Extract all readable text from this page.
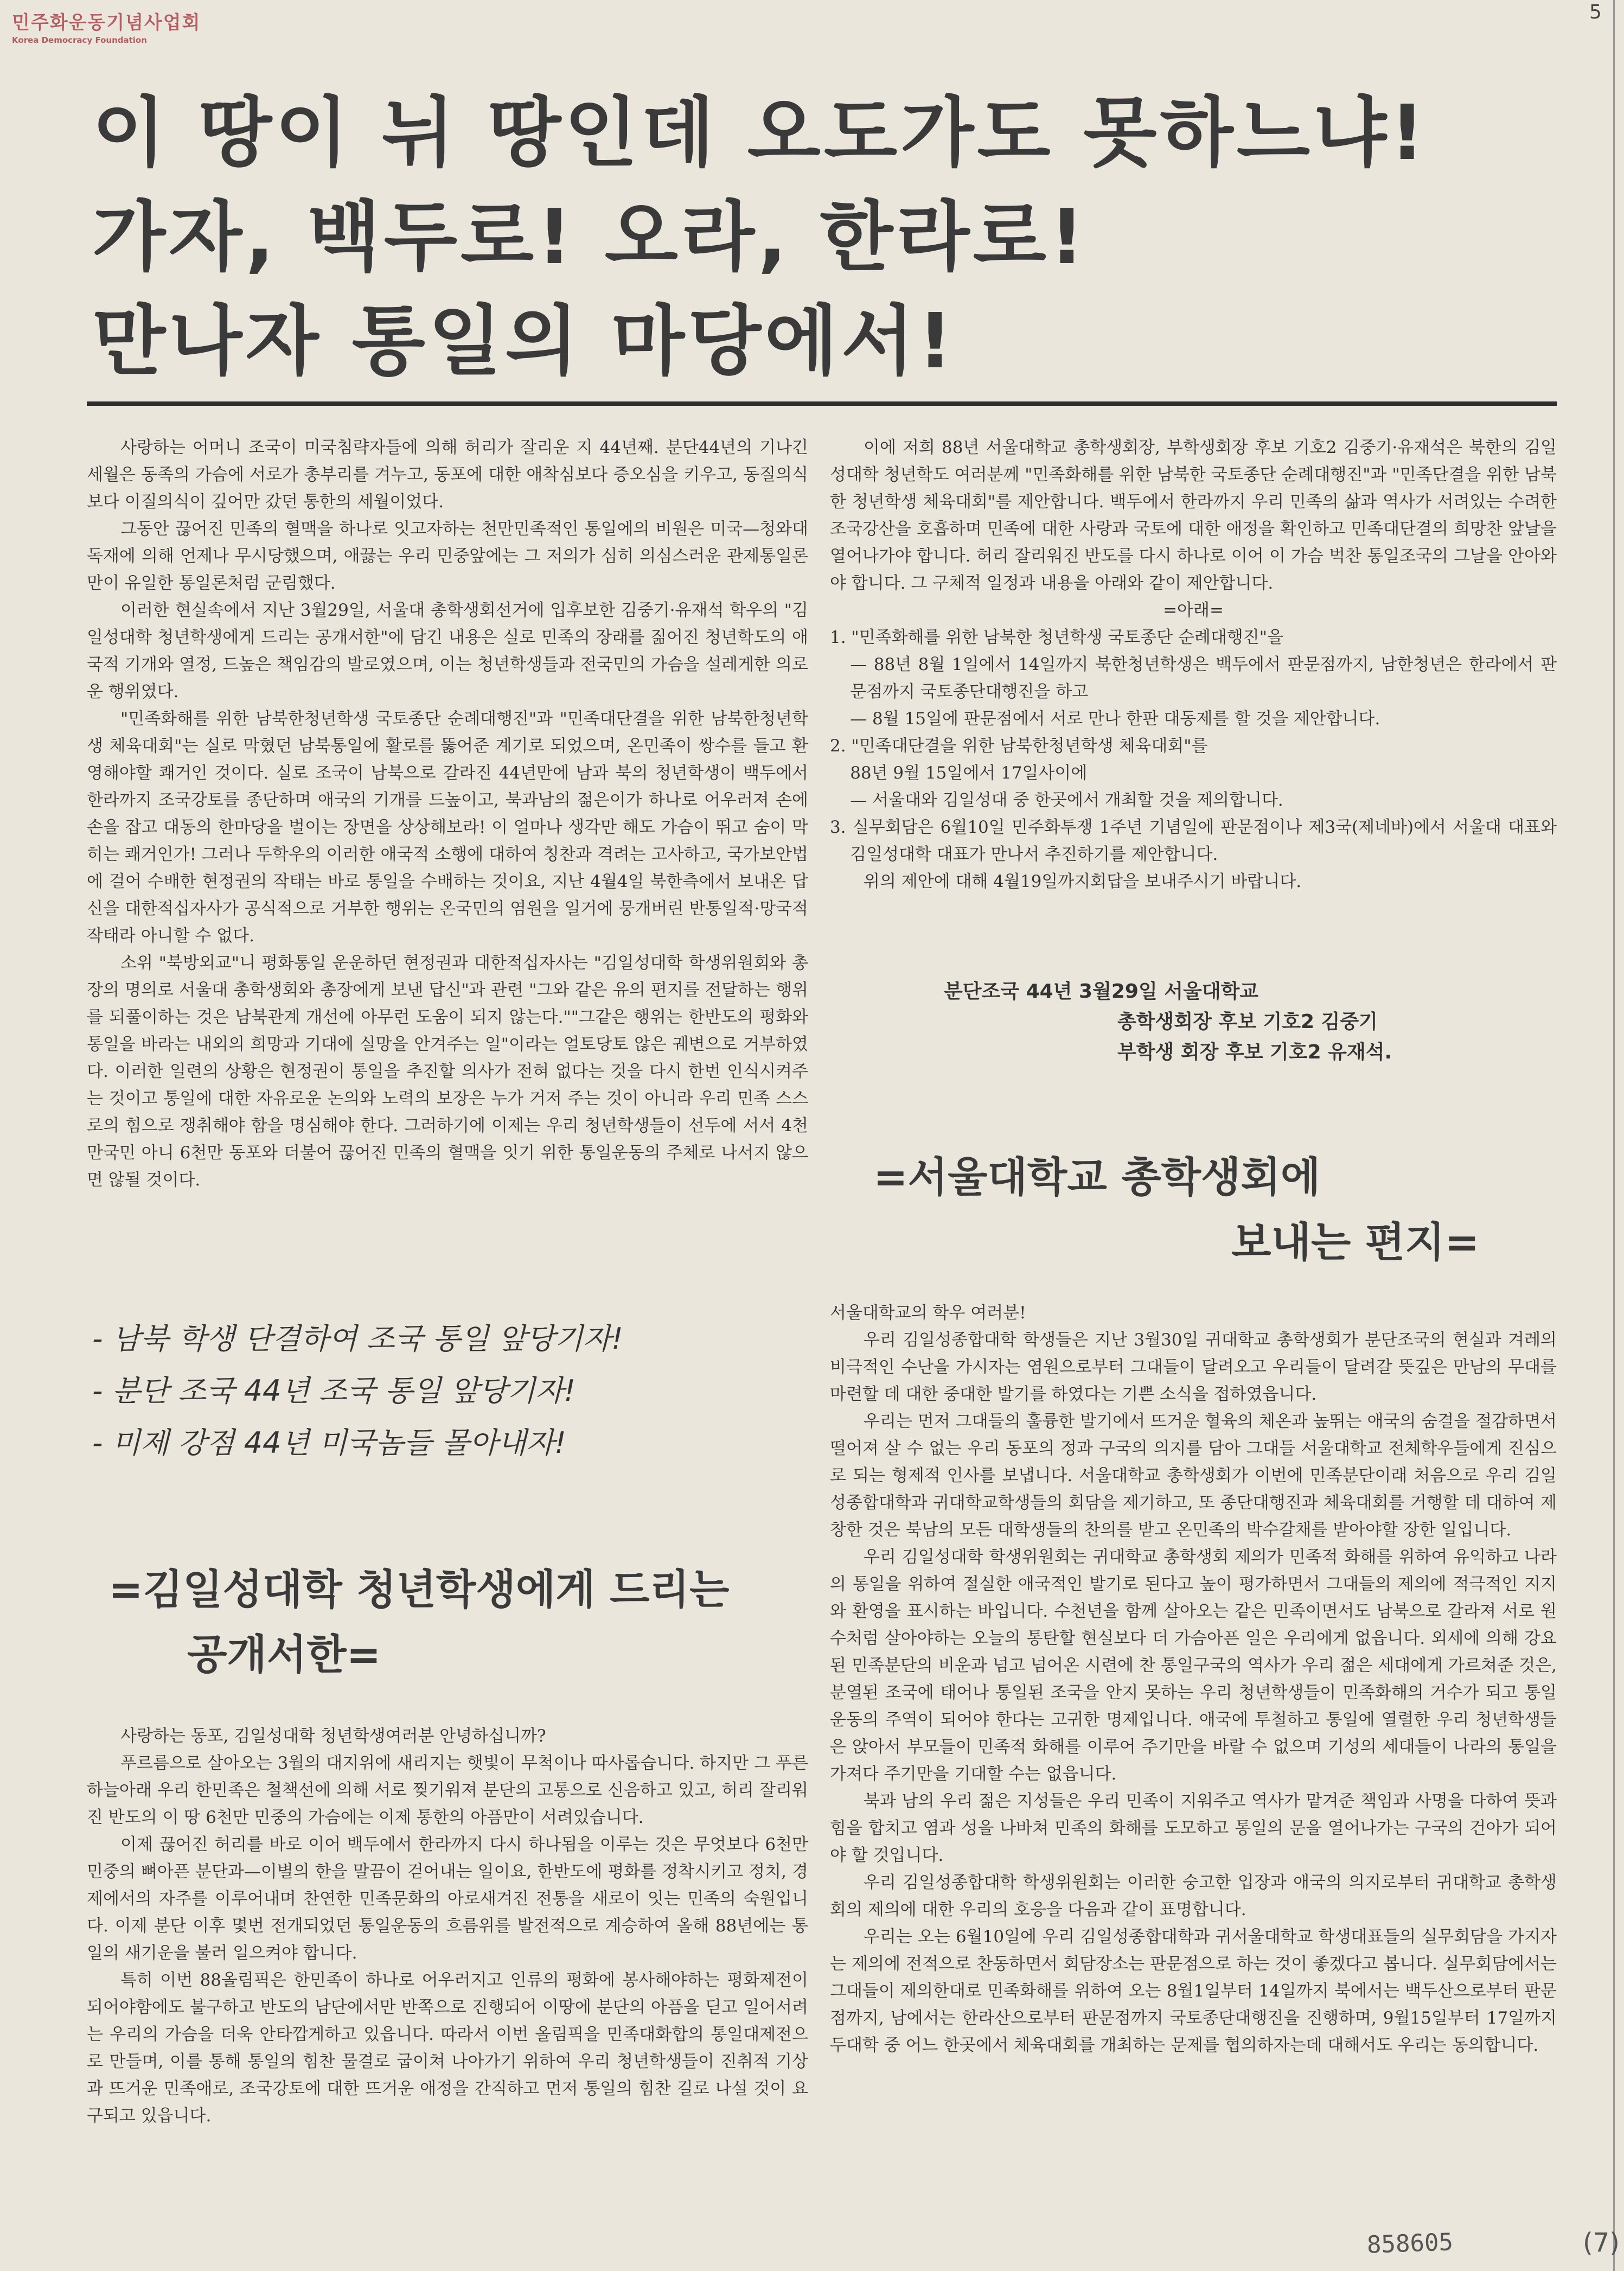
민주화운동기념사업회
Korea Democracy Foundation
5
이 땅이 뉘 땅인데 오도가도 못하느냐!
가자, 백두로! 오라, 한라로!
만나자 통일의 마당에서!

사랑하는 어머니 조국이 미국침략자들에 의해 허리가 잘리운 지 44년째. 분단44년의 기나긴 세월은 동족의 가슴에 서로가 총부리를 겨누고, 동포에 대한 애착심보다 증오심을 키우고, 동질의식보다 이질의식이 깊어만 갔던 통한의 세월이었다.

그동안 끊어진 민족의 혈맥을 하나로 잇고자하는 천만민족적인 통일에의 비원은 미국—청와대독재에 의해 언제나 무시당했으며, 애끓는 우리 민중앞에는 그 저의가 심히 의심스러운 관제통일론만이 유일한 통일론처럼 군림했다.

이러한 현실속에서 지난 3월29일, 서울대 총학생회선거에 입후보한 김중기·유재석 학우의 "김일성대학 청년학생에게 드리는 공개서한"에 담긴 내용은 실로 민족의 장래를 짊어진 청년학도의 애국적 기개와 열정, 드높은 책임감의 발로였으며, 이는 청년학생들과 전국민의 가슴을 설레게한 의로운 행위였다.

"민족화해를 위한 남북한청년학생 국토종단 순례대행진"과 "민족대단결을 위한 남북한청년학생 체육대회"는 실로 막혔던 남북통일에 활로를 뚫어준 계기로 되었으며, 온민족이 쌍수를 들고 환영해야할 쾌거인 것이다. 실로 조국이 남북으로 갈라진 44년만에 남과 북의 청년학생이 백두에서 한라까지 조국강토를 종단하며 애국의 기개를 드높이고, 북과남의 젊은이가 하나로 어우러져 손에 손을 잡고 대동의 한마당을 벌이는 장면을 상상해보라! 이 얼마나 생각만 해도 가슴이 뛰고 숨이 막히는 쾌거인가! 그러나 두학우의 이러한 애국적 소행에 대하여 칭찬과 격려는 고사하고, 국가보안법에 걸어 수배한 현정권의 작태는 바로 통일을 수배하는 것이요, 지난 4월4일 북한측에서 보내온 답신을 대한적십자사가 공식적으로 거부한 행위는 온국민의 염원을 일거에 뭉개버린 반통일적·망국적작태라 아니할 수 없다.

소위 "북방외교"니 평화통일 운운하던 현정권과 대한적십자사는 "김일성대학 학생위원회와 총장의 명의로 서울대 총학생회와 총장에게 보낸 답신"과 관련 "그와 같은 유의 편지를 전달하는 행위를 되풀이하는 것은 남북관계 개선에 아무런 도움이 되지 않는다.""그같은 행위는 한반도의 평화와 통일을 바라는 내외의 희망과 기대에 실망을 안겨주는 일"이라는 얼토당토 않은 궤변으로 거부하였다. 이러한 일련의 상황은 현정권이 통일을 추진할 의사가 전혀 없다는 것을 다시 한번 인식시켜주는 것이고 통일에 대한 자유로운 논의와 노력의 보장은 누가 거저 주는 것이 아니라 우리 민족 스스로의 힘으로 쟁취해야 함을 명심해야 한다. 그러하기에 이제는 우리 청년학생들이 선두에 서서 4천만국민 아니 6천만 동포와 더불어 끊어진 민족의 혈맥을 잇기 위한 통일운동의 주체로 나서지 않으면 않될 것이다.

- 남북 학생 단결하여 조국 통일 앞당기자!
- 분단 조국 44년 조국 통일 앞당기자!
- 미제 강점 44년 미국놈들 몰아내자!
=김일성대학 청년학생에게 드리는
공개서한=

사랑하는 동포, 김일성대학 청년학생여러분 안녕하십니까?

푸르름으로 살아오는 3월의 대지위에 새리지는 햇빛이 무척이나 따사롭습니다. 하지만 그 푸른 하늘아래 우리 한민족은 철책선에 의해 서로 찢기워져 분단의 고통으로 신음하고 있고, 허리 잘리워진 반도의 이 땅 6천만 민중의 가슴에는 이제 통한의 아픔만이 서려있습니다.

이제 끊어진 허리를 바로 이어 백두에서 한라까지 다시 하나됨을 이루는 것은 무엇보다 6천만 민중의 뼈아픈 분단과—이별의 한을 말끔이 걷어내는 일이요, 한반도에 평화를 정착시키고 정치, 경제에서의 자주를 이루어내며 찬연한 민족문화의 아로새겨진 전통을 새로이 잇는 민족의 숙원입니다. 이제 분단 이후 몇번 전개되었던 통일운동의 흐름위를 발전적으로 계승하여 올해 88년에는 통일의 새기운을 불러 일으켜야 합니다.

특히 이번 88올림픽은 한민족이 하나로 어우러지고 인류의 평화에 봉사해야하는 평화제전이 되어야함에도 불구하고 반도의 남단에서만 반쪽으로 진행되어 이땅에 분단의 아픔을 딛고 일어서려는 우리의 가슴을 더욱 안타깝게하고 있읍니다. 따라서 이번 올림픽을 민족대화합의 통일대제전으로 만들며, 이를 통해 통일의 힘찬 물결로 굽이쳐 나아가기 위하여 우리 청년학생들이 진취적 기상과 뜨거운 민족애로, 조국강토에 대한 뜨거운 애정을 간직하고 먼저 통일의 힘찬 길로 나설 것이 요구되고 있읍니다.

이에 저희 88년 서울대학교 총학생회장, 부학생회장 후보 기호2 김중기·유재석은 북한의 김일성대학 청년학도 여러분께 "민족화해를 위한 남북한 국토종단 순례대행진"과 "민족단결을 위한 남북한 청년학생 체육대회"를 제안합니다. 백두에서 한라까지 우리 민족의 삶과 역사가 서려있는 수려한 조국강산을 호흡하며 민족에 대한 사랑과 국토에 대한 애정을 확인하고 민족대단결의 희망찬 앞날을 열어나가야 합니다. 허리 잘리워진 반도를 다시 하나로 이어 이 가슴 벅찬 통일조국의 그날을 안아와야 합니다. 그 구체적 일정과 내용을 아래와 같이 제안합니다.

=아래=

1. "민족화해를 위한 남북한 청년학생 국토종단 순례대행진"을

— 88년 8월 1일에서 14일까지 북한청년학생은 백두에서 판문점까지, 남한청년은 한라에서 판문점까지 국토종단대행진을 하고

— 8월 15일에 판문점에서 서로 만나 한판 대동제를 할 것을 제안합니다.

2. "민족대단결을 위한 남북한청년학생 체육대회"를

88년 9월 15일에서 17일사이에

— 서울대와 김일성대 중 한곳에서 개최할 것을 제의합니다.

3. 실무회담은 6월10일 민주화투쟁 1주년 기념일에 판문점이나 제3국(제네바)에서 서울대 대표와 김일성대학 대표가 만나서 추진하기를 제안합니다.

위의 제안에 대해 4월19일까지회답을 보내주시기 바랍니다.

분단조국 44년 3월29일 서울대학교
총학생회장 후보 기호2 김중기
부학생 회장 후보 기호2 유재석.
=서울대학교 총학생회에
보내는 편지=

서울대학교의 학우 여러분!

우리 김일성종합대학 학생들은 지난 3월30일 귀대학교 총학생회가 분단조국의 현실과 겨레의 비극적인 수난을 가시자는 염원으로부터 그대들이 달려오고 우리들이 달려갈 뜻깊은 만남의 무대를 마련할 데 대한 중대한 발기를 하였다는 기쁜 소식을 접하였읍니다.

우리는 먼저 그대들의 훌륭한 발기에서 뜨거운 혈육의 체온과 높뛰는 애국의 숨결을 절감하면서 떨어져 살 수 없는 우리 동포의 정과 구국의 의지를 담아 그대들 서울대학교 전체학우들에게 진심으로 되는 형제적 인사를 보냅니다. 서울대학교 총학생회가 이번에 민족분단이래 처음으로 우리 김일성종합대학과 귀대학교학생들의 회담을 제기하고, 또 종단대행진과 체육대회를 거행할 데 대하여 제창한 것은 북남의 모든 대학생들의 찬의를 받고 온민족의 박수갈채를 받아야할 장한 일입니다.

우리 김일성대학 학생위원회는 귀대학교 총학생회 제의가 민족적 화해를 위하여 유익하고 나라의 통일을 위하여 절실한 애국적인 발기로 된다고 높이 평가하면서 그대들의 제의에 적극적인 지지와 환영을 표시하는 바입니다. 수천년을 함께 살아오는 같은 민족이면서도 남북으로 갈라져 서로 원수처럼 살아야하는 오늘의 통탄할 현실보다 더 가슴아픈 일은 우리에게 없읍니다. 외세에 의해 강요된 민족분단의 비운과 넘고 넘어온 시련에 찬 통일구국의 역사가 우리 젊은 세대에게 가르쳐준 것은, 분열된 조국에 태어나 통일된 조국을 안지 못하는 우리 청년학생들이 민족화해의 거수가 되고 통일운동의 주역이 되어야 한다는 고귀한 명제입니다. 애국에 투철하고 통일에 열렬한 우리 청년학생들은 앉아서 부모들이 민족적 화해를 이루어 주기만을 바랄 수 없으며 기성의 세대들이 나라의 통일을 가져다 주기만을 기대할 수는 없읍니다.

북과 남의 우리 젊은 지성들은 우리 민족이 지워주고 역사가 맡겨준 책임과 사명을 다하여 뜻과 힘을 합치고 염과 성을 나바쳐 민족의 화해를 도모하고 통일의 문을 열어나가는 구국의 건아가 되어야 할 것입니다.

우리 김일성종합대학 학생위원회는 이러한 숭고한 입장과 애국의 의지로부터 귀대학교 총학생회의 제의에 대한 우리의 호응을 다음과 같이 표명합니다.

우리는 오는 6월10일에 우리 김일성종합대학과 귀서울대학교 학생대표들의 실무회담을 가지자는 제의에 전적으로 찬동하면서 회담장소는 판문점으로 하는 것이 좋겠다고 봅니다. 실무회담에서는 그대들이 제의한대로 민족화해를 위하여 오는 8월1일부터 14일까지 북에서는 백두산으로부터 판문점까지, 남에서는 한라산으로부터 판문점까지 국토종단대행진을 진행하며, 9월15일부터 17일까지 두대학 중 어느 한곳에서 체육대회를 개최하는 문제를 협의하자는데 대해서도 우리는 동의합니다.

858605	(7)
